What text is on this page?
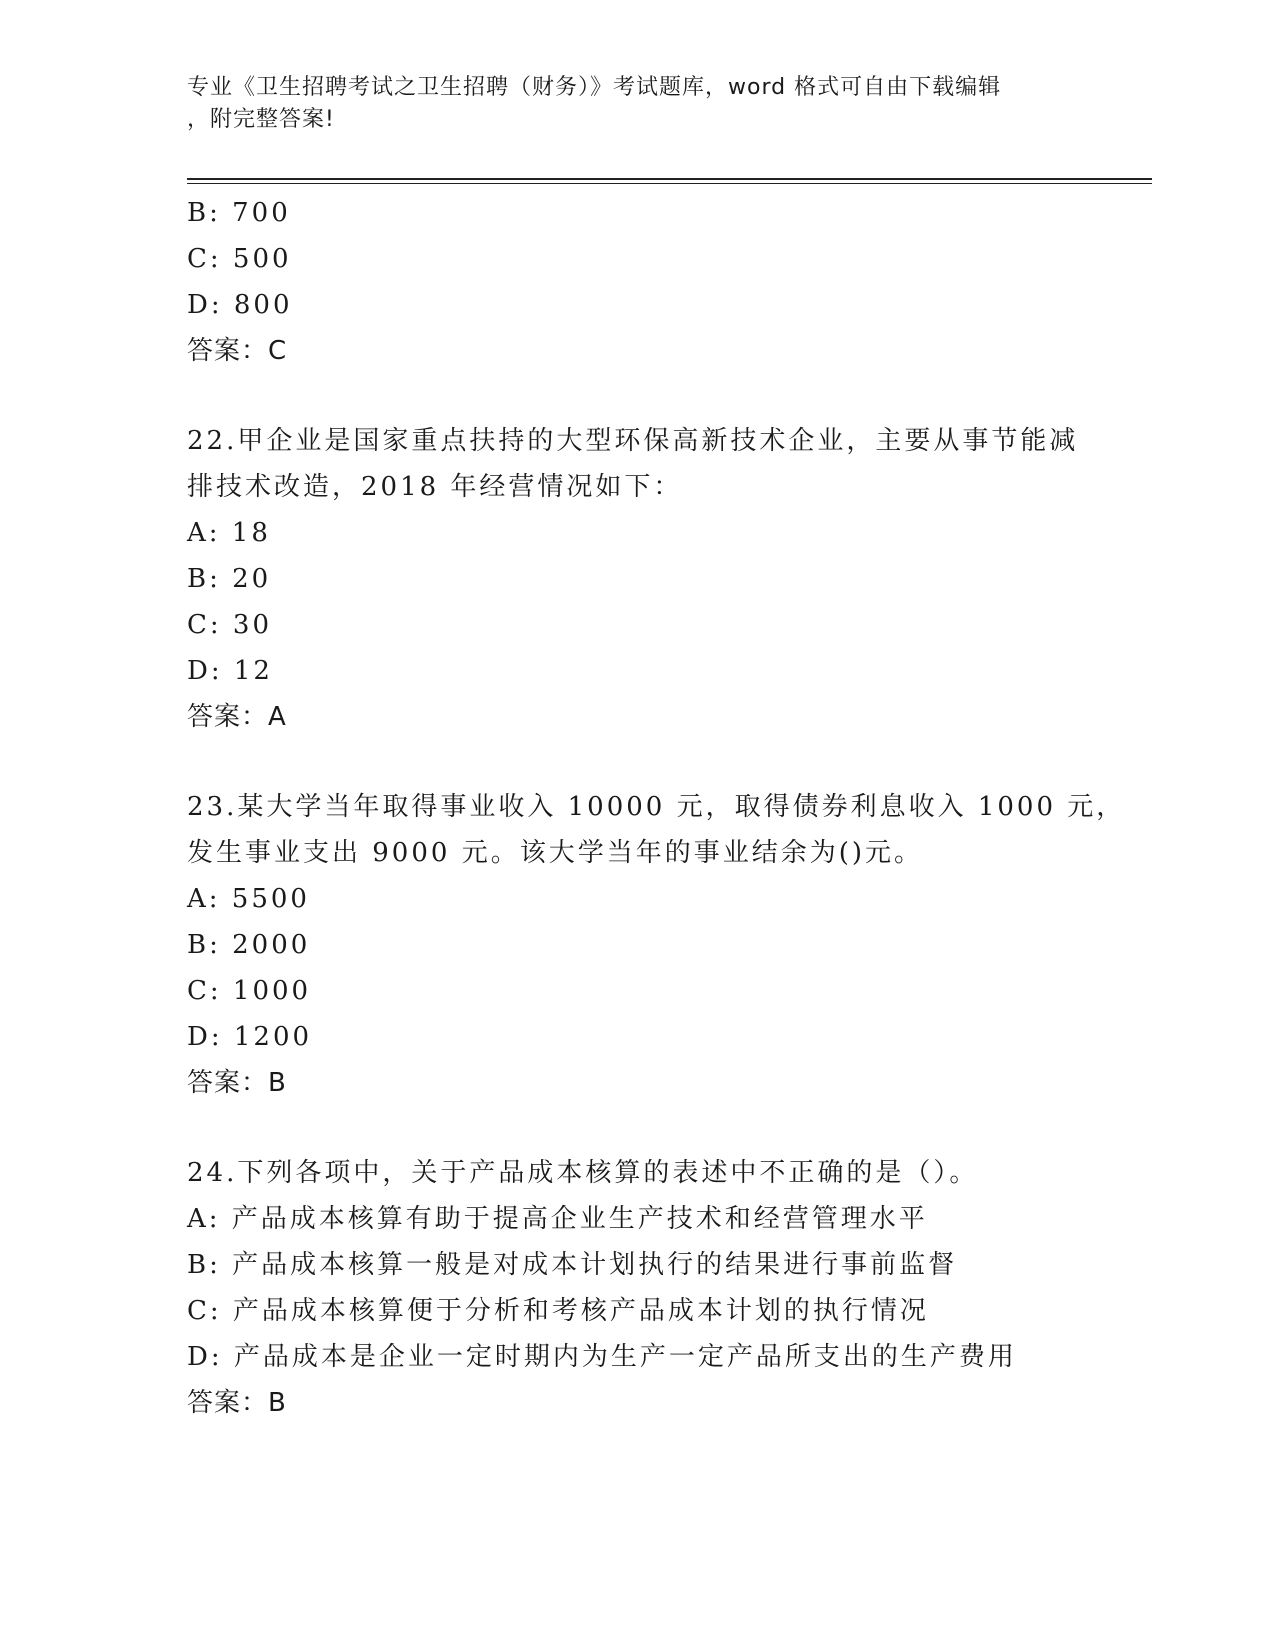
专业《卫生招聘考试之卫生招聘（财务）》考试题库，word 格式可自由下载编辑
，附完整答案!
B: 700
C: 500
D: 800
答案：C
22.甲企业是国家重点扶持的大型环保高新技术企业，主要从事节能减
排技术改造，2018 年经营情况如下：
A: 18
B: 20
C: 30
D: 12
答案：A
23.某大学当年取得事业收入 10000 元，取得债券利息收入 1000 元，
发生事业支出 9000 元。该大学当年的事业结余为()元。
A: 5500
B: 2000
C: 1000
D: 1200
答案：B
24.下列各项中，关于产品成本核算的表述中不正确的是（）。
A: 产品成本核算有助于提高企业生产技术和经营管理水平
B: 产品成本核算一般是对成本计划执行的结果进行事前监督
C: 产品成本核算便于分析和考核产品成本计划的执行情况
D: 产品成本是企业一定时期内为生产一定产品所支出的生产费用
答案：B
